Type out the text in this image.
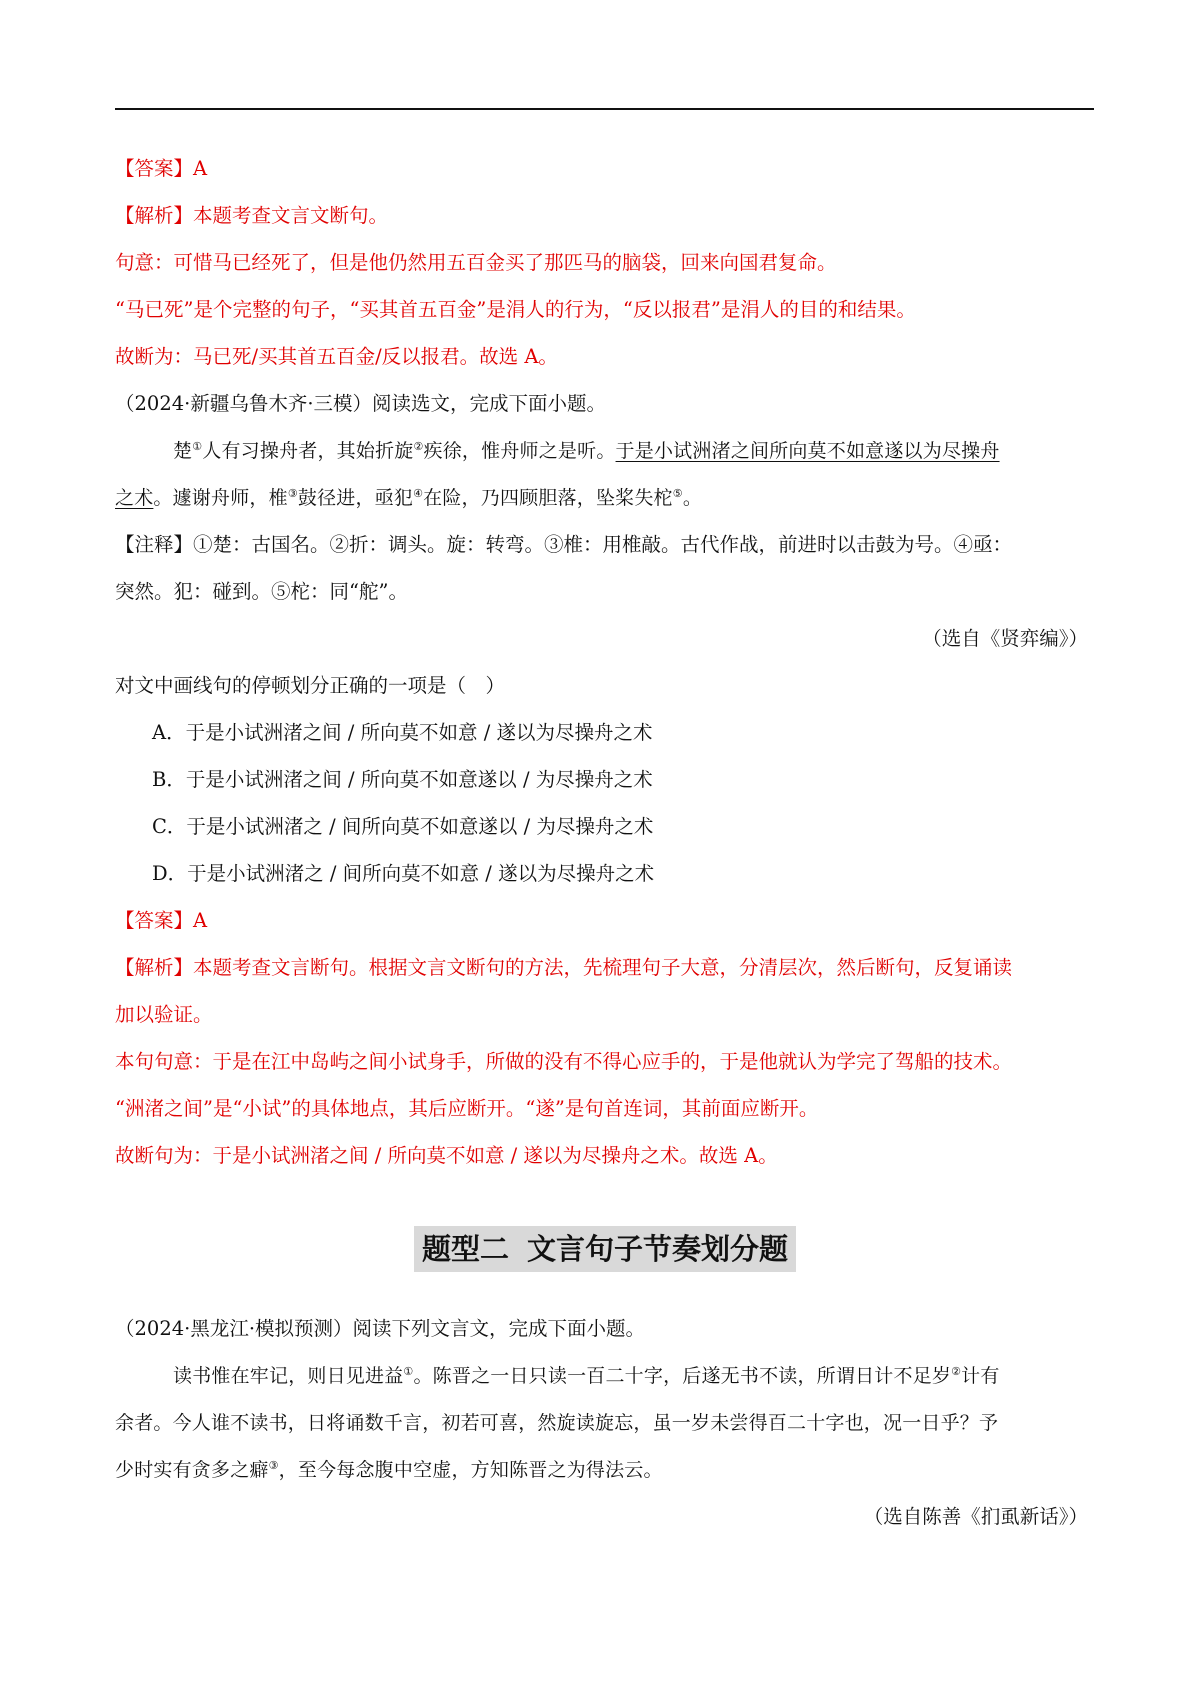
【答案】A
【解析】本题考查文言文断句。
句意：可惜马已经死了，但是他仍然用五百金买了那匹马的脑袋，回来向国君复命。
“马已死”是个完整的句子，“买其首五百金”是涓人的行为，“反以报君”是涓人的目的和结果。
故断为：马已死/买其首五百金/反以报君。故选 A。
（2024·新疆乌鲁木齐·三模）阅读选文，完成下面小题。
楚①人有习操舟者，其始折旋②疾徐，惟舟师之是听。于是小试洲渚之间所向莫不如意遂以为尽操舟
之术。遽谢舟师，椎③鼓径进，亟犯④在险，乃四顾胆落，坠桨失柁⑤。
【注释】①楚：古国名。②折：调头。旋：转弯。③椎：用椎敲。古代作战，前进时以击鼓为号。④亟：
突然。犯：碰到。⑤柁：同“舵”。
（选自《贤弈编》）
对文中画线句的停顿划分正确的一项是（　）
A．于是小试洲渚之间 / 所向莫不如意 / 遂以为尽操舟之术
B．于是小试洲渚之间 / 所向莫不如意遂以 / 为尽操舟之术
C．于是小试洲渚之 / 间所向莫不如意遂以 / 为尽操舟之术
D．于是小试洲渚之 / 间所向莫不如意 / 遂以为尽操舟之术
【答案】A
【解析】本题考查文言断句。根据文言文断句的方法，先梳理句子大意，分清层次，然后断句，反复诵读
加以验证。
本句句意：于是在江中岛屿之间小试身手，所做的没有不得心应手的，于是他就认为学完了驾船的技术。
“洲渚之间”是“小试”的具体地点，其后应断开。“遂”是句首连词，其前面应断开。
故断句为：于是小试洲渚之间 / 所向莫不如意 / 遂以为尽操舟之术。故选 A。
题型二 文言句子节奏划分题
（2024·黑龙江·模拟预测）阅读下列文言文，完成下面小题。
读书惟在牢记，则日见进益①。陈晋之一日只读一百二十字，后遂无书不读，所谓日计不足岁②计有
余者。今人谁不读书，日将诵数千言，初若可喜，然旋读旋忘，虽一岁未尝得百二十字也，况一日乎？予
少时实有贪多之癖③，至今每念腹中空虚，方知陈晋之为得法云。
（选自陈善《扪虱新话》）
